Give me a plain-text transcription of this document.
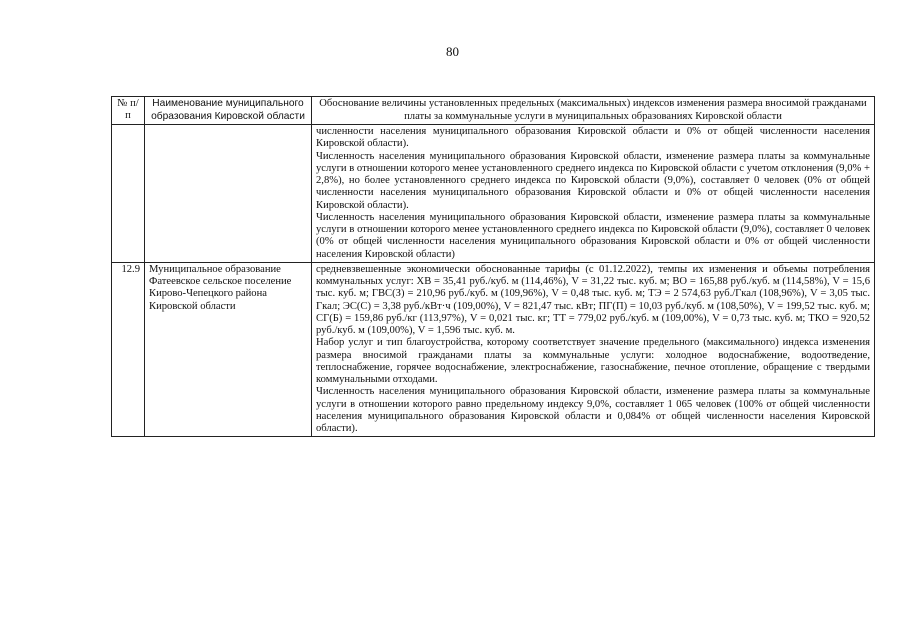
80
№ п/п	Наименование муниципального образования Кировской области	Обоснование величины установленных предельных (максимальных) индексов изменения размера вносимой гражданами платы за коммунальные услуги в муниципальных образованиях Кировской области

		численности населения муниципального образования Кировской области и 0% от общей численности населения Кировской области).

Численность населения муниципального образования Кировской области, изменение размера платы за коммунальные услуги в отношении которого менее установленного среднего индекса по Кировской области с учетом отклонения (9,0% + 2,8%), но более установленного среднего индекса по Кировской области (9,0%), составляет 0 человек (0% от общей численности населения муниципального образования Кировской области и 0% от общей численности населения Кировской области).

Численность населения муниципального образования Кировской области, изменение размера платы за коммунальные услуги в отношении которого менее установленного среднего индекса по Кировской области (9,0%), составляет 0 человек (0% от общей численности населения муниципального образования Кировской области и 0% от общей численности населения Кировской области)

12.9	Муниципальное образование Фатеевское сельское поселение Кирово-Чепецкого района Кировской области	средневзвешенные экономически обоснованные тарифы (с 01.12.2022), темпы их изменения и объемы потребления коммунальных услуг: ХВ = 35,41 руб./куб. м (114,46%), V = 31,22 тыс. куб. м; ВО = 165,88 руб./куб. м (114,58%), V = 15,6 тыс. куб. м; ГВС(З) = 210,96 руб./куб. м (109,96%), V = 0,48 тыс. куб. м; ТЭ = 2 574,63 руб./Гкал (108,96%), V = 3,05 тыс. Гкал; ЭС(С) = 3,38 руб./кВт·ч (109,00%), V = 821,47 тыс. кВт; ПГ(П) = 10,03 руб./куб. м (108,50%), V = 199,52 тыс. куб. м; СГ(Б) = 159,86 руб./кг (113,97%), V = 0,021 тыс. кг; ТТ = 779,02 руб./куб. м (109,00%), V = 0,73 тыс. куб. м; ТКО = 920,52 руб./куб. м (109,00%), V = 1,596 тыс. куб. м.

Набор услуг и тип благоустройства, которому соответствует значение предельного (максимального) индекса изменения размера вносимой гражданами платы за коммунальные услуги: холодное водоснабжение, водоотведение, теплоснабжение, горячее водоснабжение, электроснабжение, газоснабжение, печное отопление, обращение с твердыми коммунальными отходами.

Численность населения муниципального образования Кировской области, изменение размера платы за коммунальные услуги в отношении которого равно предельному индексу 9,0%, составляет 1 065 человек (100% от общей численности населения муниципального образования Кировской области и 0,084% от общей численности населения Кировской области).
